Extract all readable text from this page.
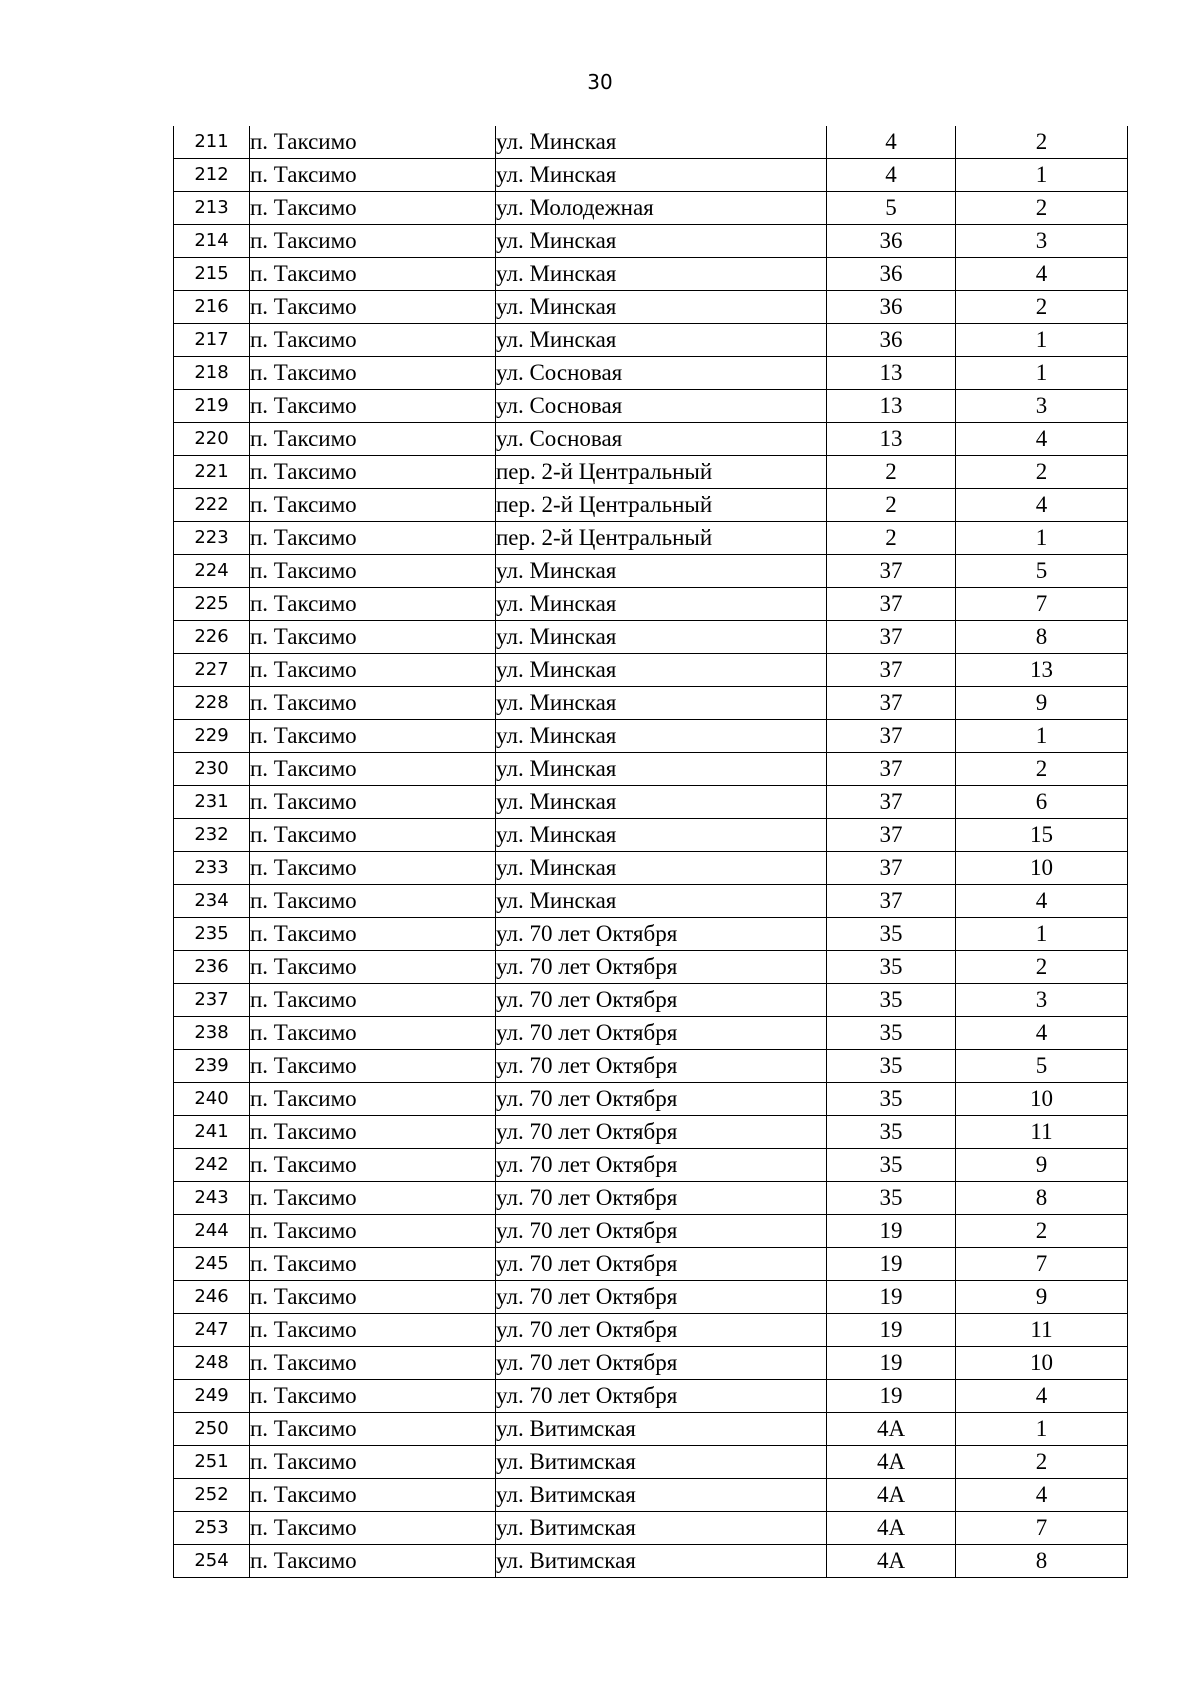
30
211	п. Таксимо	ул. Минская	4	2
212	п. Таксимо	ул. Минская	4	1
213	п. Таксимо	ул. Молодежная	5	2
214	п. Таксимо	ул. Минская	36	3
215	п. Таксимо	ул. Минская	36	4
216	п. Таксимо	ул. Минская	36	2
217	п. Таксимо	ул. Минская	36	1
218	п. Таксимо	ул. Сосновая	13	1
219	п. Таксимо	ул. Сосновая	13	3
220	п. Таксимо	ул. Сосновая	13	4
221	п. Таксимо	пер. 2-й Центральный	2	2
222	п. Таксимо	пер. 2-й Центральный	2	4
223	п. Таксимо	пер. 2-й Центральный	2	1
224	п. Таксимо	ул. Минская	37	5
225	п. Таксимо	ул. Минская	37	7
226	п. Таксимо	ул. Минская	37	8
227	п. Таксимо	ул. Минская	37	13
228	п. Таксимо	ул. Минская	37	9
229	п. Таксимо	ул. Минская	37	1
230	п. Таксимо	ул. Минская	37	2
231	п. Таксимо	ул. Минская	37	6
232	п. Таксимо	ул. Минская	37	15
233	п. Таксимо	ул. Минская	37	10
234	п. Таксимо	ул. Минская	37	4
235	п. Таксимо	ул. 70 лет Октября	35	1
236	п. Таксимо	ул. 70 лет Октября	35	2
237	п. Таксимо	ул. 70 лет Октября	35	3
238	п. Таксимо	ул. 70 лет Октября	35	4
239	п. Таксимо	ул. 70 лет Октября	35	5
240	п. Таксимо	ул. 70 лет Октября	35	10
241	п. Таксимо	ул. 70 лет Октября	35	11
242	п. Таксимо	ул. 70 лет Октября	35	9
243	п. Таксимо	ул. 70 лет Октября	35	8
244	п. Таксимо	ул. 70 лет Октября	19	2
245	п. Таксимо	ул. 70 лет Октября	19	7
246	п. Таксимо	ул. 70 лет Октября	19	9
247	п. Таксимо	ул. 70 лет Октября	19	11
248	п. Таксимо	ул. 70 лет Октября	19	10
249	п. Таксимо	ул. 70 лет Октября	19	4
250	п. Таксимо	ул. Витимская	4А	1
251	п. Таксимо	ул. Витимская	4А	2
252	п. Таксимо	ул. Витимская	4А	4
253	п. Таксимо	ул. Витимская	4А	7
254	п. Таксимо	ул. Витимская	4А	8
